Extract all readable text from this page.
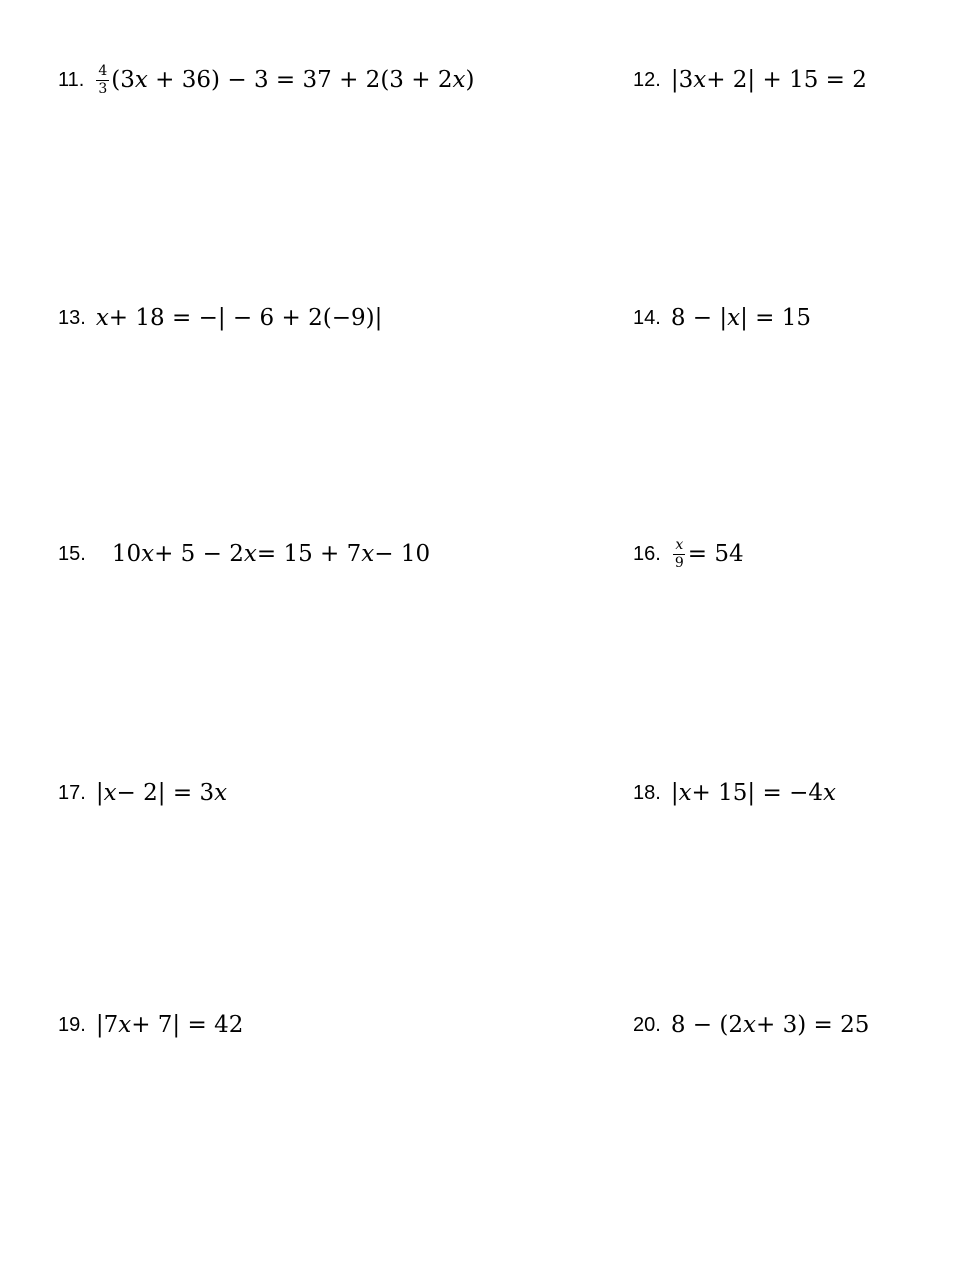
11. $\frac{4}{3} (3x + 36) - 3 = 37 + 2(3 + 2x)$	12. |3 x + 2| + 15 = 2
13. x + 18 = −| − 6 + 2(−9)|	14. 8 − | x | = 15
15. 10 x + 5 − 2 x = 15 + 7 x − 10	16. $\frac{x}{9} = 54$
17. | x − 2| = 3 x	18. | x + 15| = −4 x
19. |7 x + 7| = 42	20. 8 − (2 x + 3) = 25
